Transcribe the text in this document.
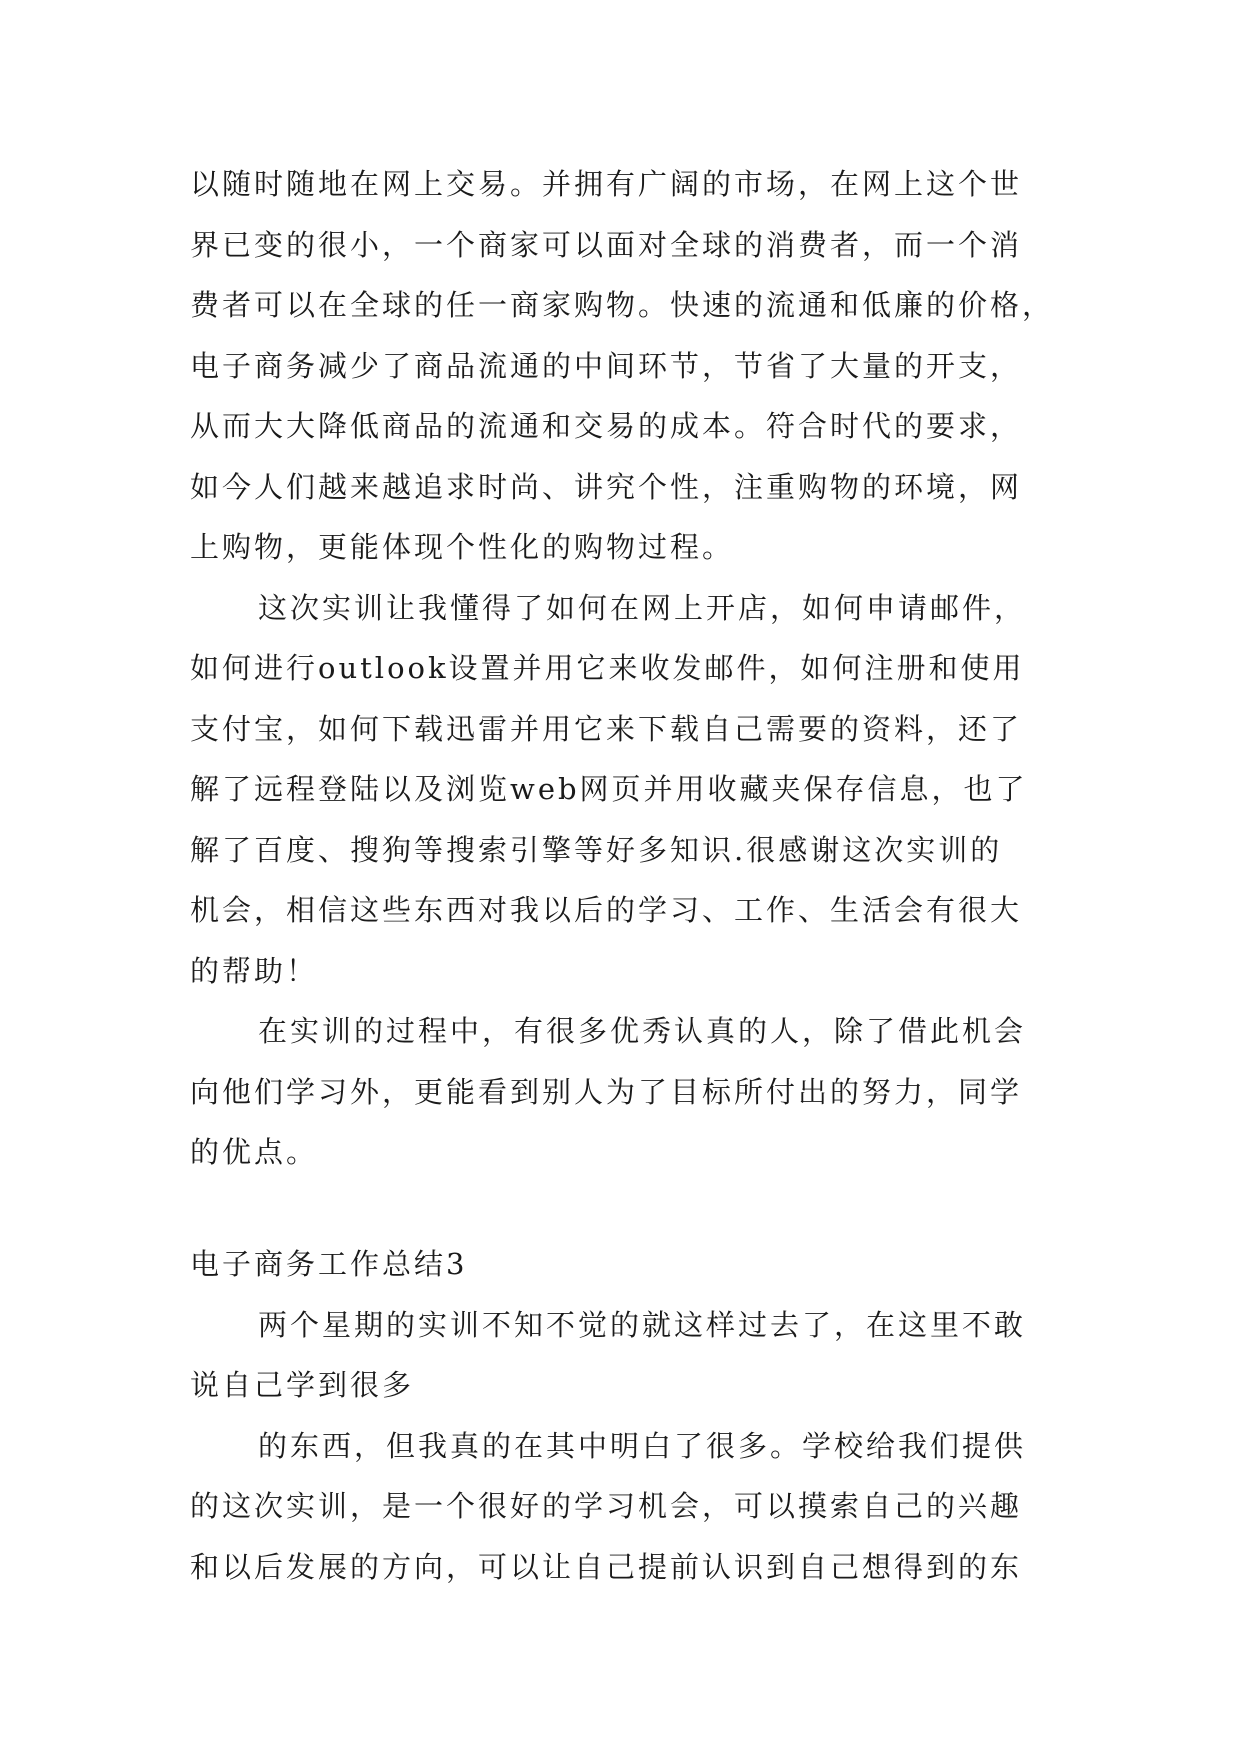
以随时随地在网上交易。并拥有广阔的市场，在网上这个世
界已变的很小，一个商家可以面对全球的消费者，而一个消
费者可以在全球的任一商家购物。快速的流通和低廉的价格，
电子商务减少了商品流通的中间环节，节省了大量的开支，
从而大大降低商品的流通和交易的成本。符合时代的要求，
如今人们越来越追求时尚、讲究个性，注重购物的环境，网
上购物，更能体现个性化的购物过程。
这次实训让我懂得了如何在网上开店，如何申请邮件，
如何进行outlook设置并用它来收发邮件，如何注册和使用
支付宝，如何下载迅雷并用它来下载自己需要的资料，还了
解了远程登陆以及浏览web网页并用收藏夹保存信息，也了
解了百度、搜狗等搜索引擎等好多知识.很感谢这次实训的
机会，相信这些东西对我以后的学习、工作、生活会有很大
的帮助！
在实训的过程中，有很多优秀认真的人，除了借此机会
向他们学习外，更能看到别人为了目标所付出的努力，同学
的优点。
电子商务工作总结3
两个星期的实训不知不觉的就这样过去了，在这里不敢
说自己学到很多
的东西，但我真的在其中明白了很多。学校给我们提供
的这次实训，是一个很好的学习机会，可以摸索自己的兴趣
和以后发展的方向，可以让自己提前认识到自己想得到的东
